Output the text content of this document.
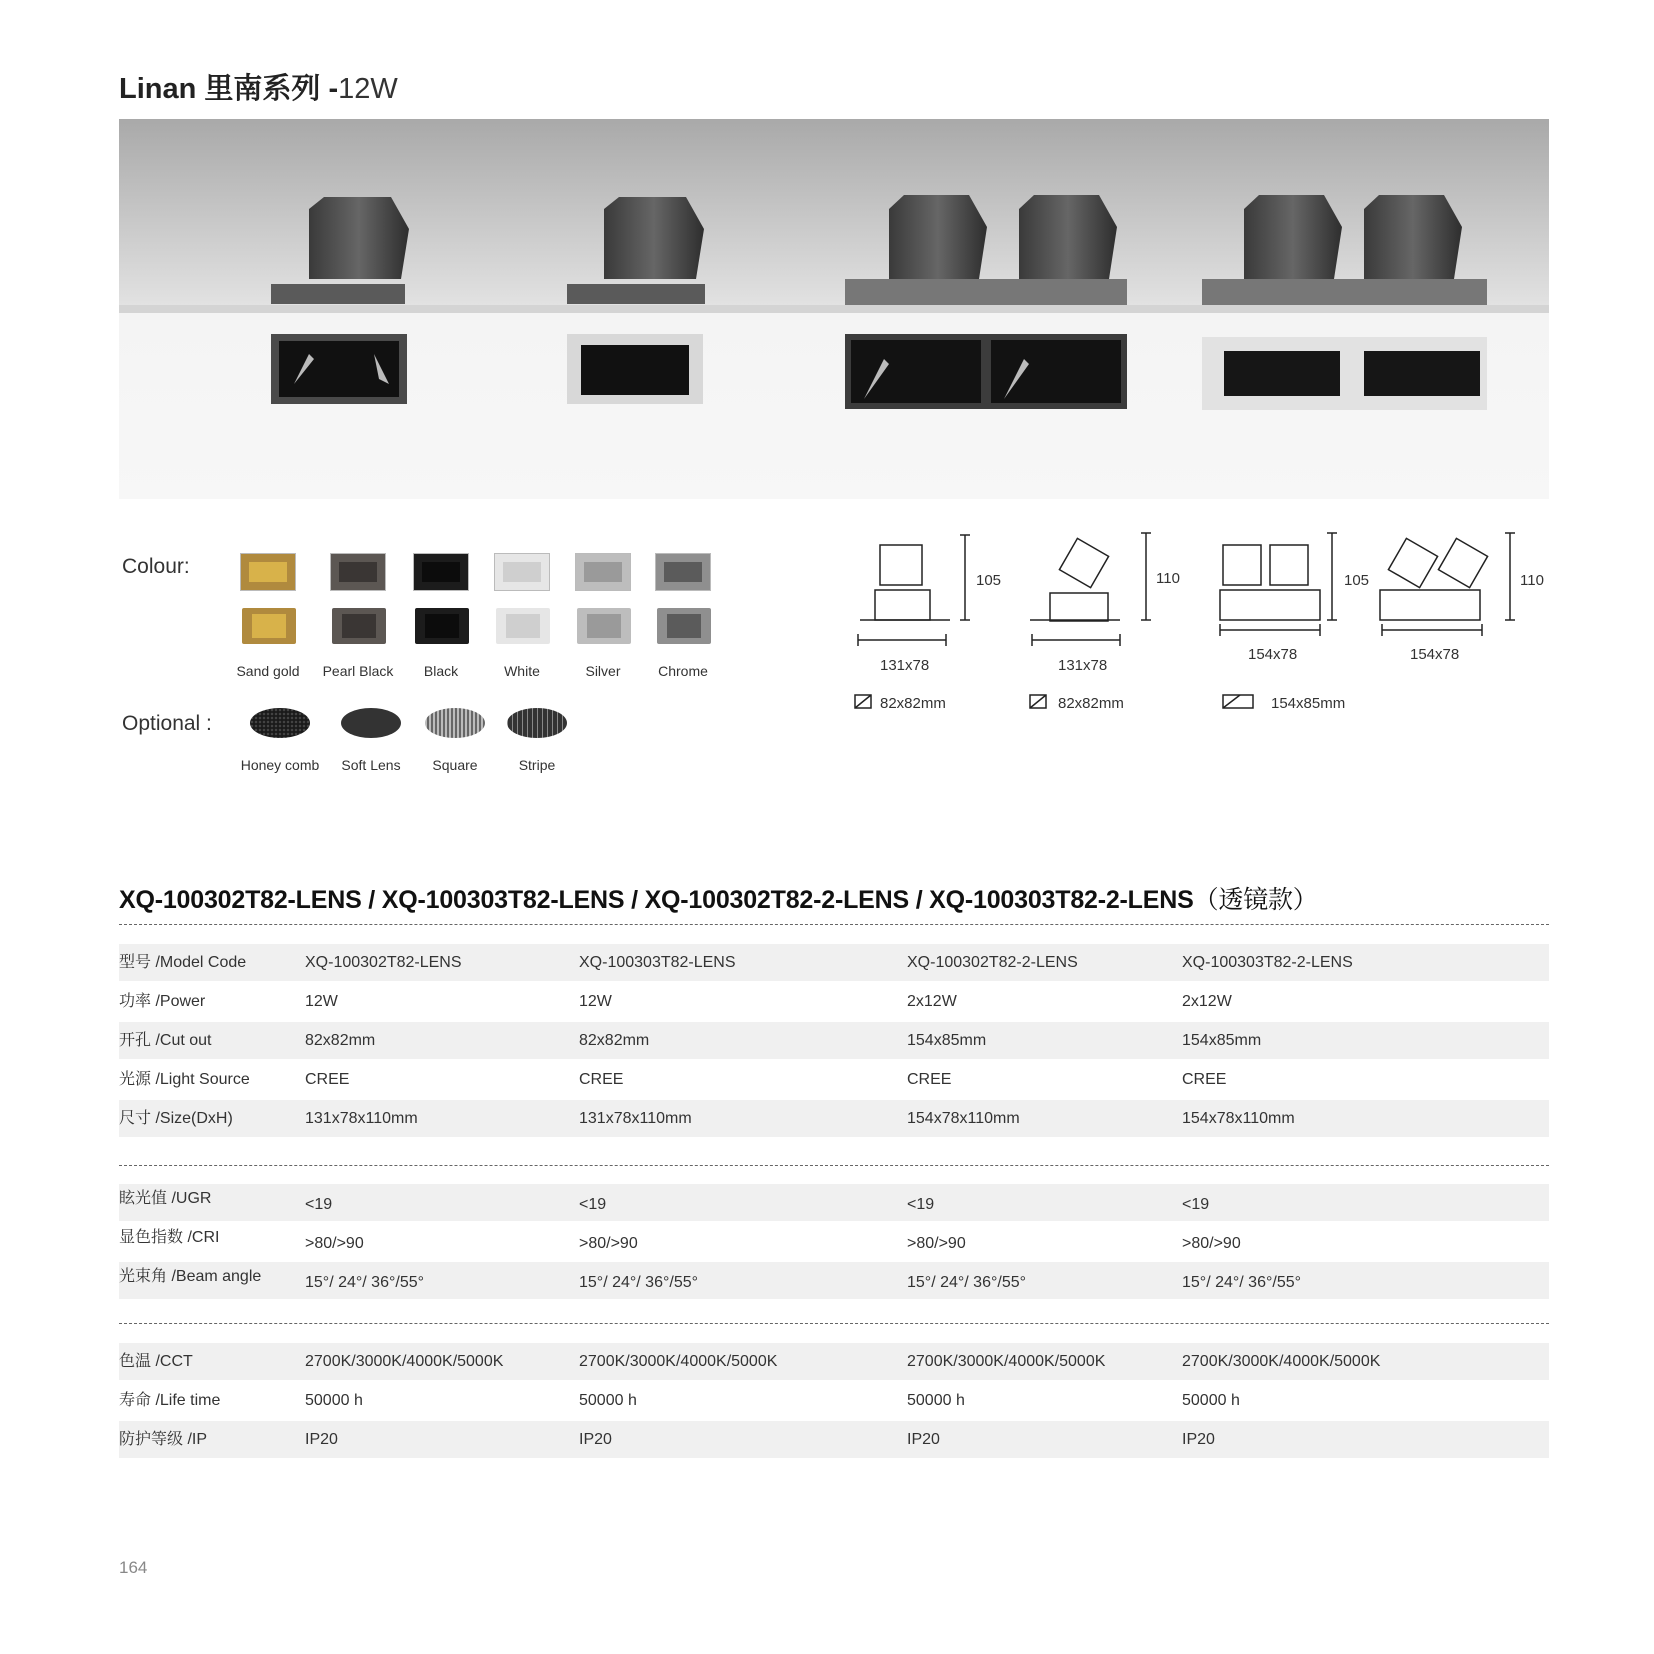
Linan 里南系列 -12W
Colour:
Sand gold	Pearl Black	Black	White	Silver	Chrome
Optional :
Honey comb	Soft Lens	Square	Stripe
105
131x78
82x82mm
110
131x78
82x82mm
105
154x78
154x85mm
110
154x78
XQ-100302T82-LENS / XQ-100303T82-LENS / XQ-100302T82-2-LENS / XQ-100303T82-2-LENS（透镜款）
型号 /Model Code	XQ-100302T82-LENS	XQ-100303T82-LENS	XQ-100302T82-2-LENS	XQ-100303T82-2-LENS
功率 /Power	12W	12W	2x12W	2x12W
开孔 /Cut out	82x82mm	82x82mm	154x85mm	154x85mm
光源 /Light Source	CREE	CREE	CREE	CREE
尺寸 /Size(DxH)	131x78x110mm	131x78x110mm	154x78x110mm	154x78x110mm
眩光值 /UGR	<19	<19	<19	<19
显色指数 /CRI	>80/>90	>80/>90	>80/>90	>80/>90
光束角 /Beam angle	15°/ 24°/ 36°/55°	15°/ 24°/ 36°/55°	15°/ 24°/ 36°/55°	15°/ 24°/ 36°/55°
色温 /CCT	2700K/3000K/4000K/5000K	2700K/3000K/4000K/5000K	2700K/3000K/4000K/5000K	2700K/3000K/4000K/5000K
寿命 /Life time	50000 h	50000 h	50000 h	50000 h
防护等级 /IP	IP20	IP20	IP20	IP20
164
